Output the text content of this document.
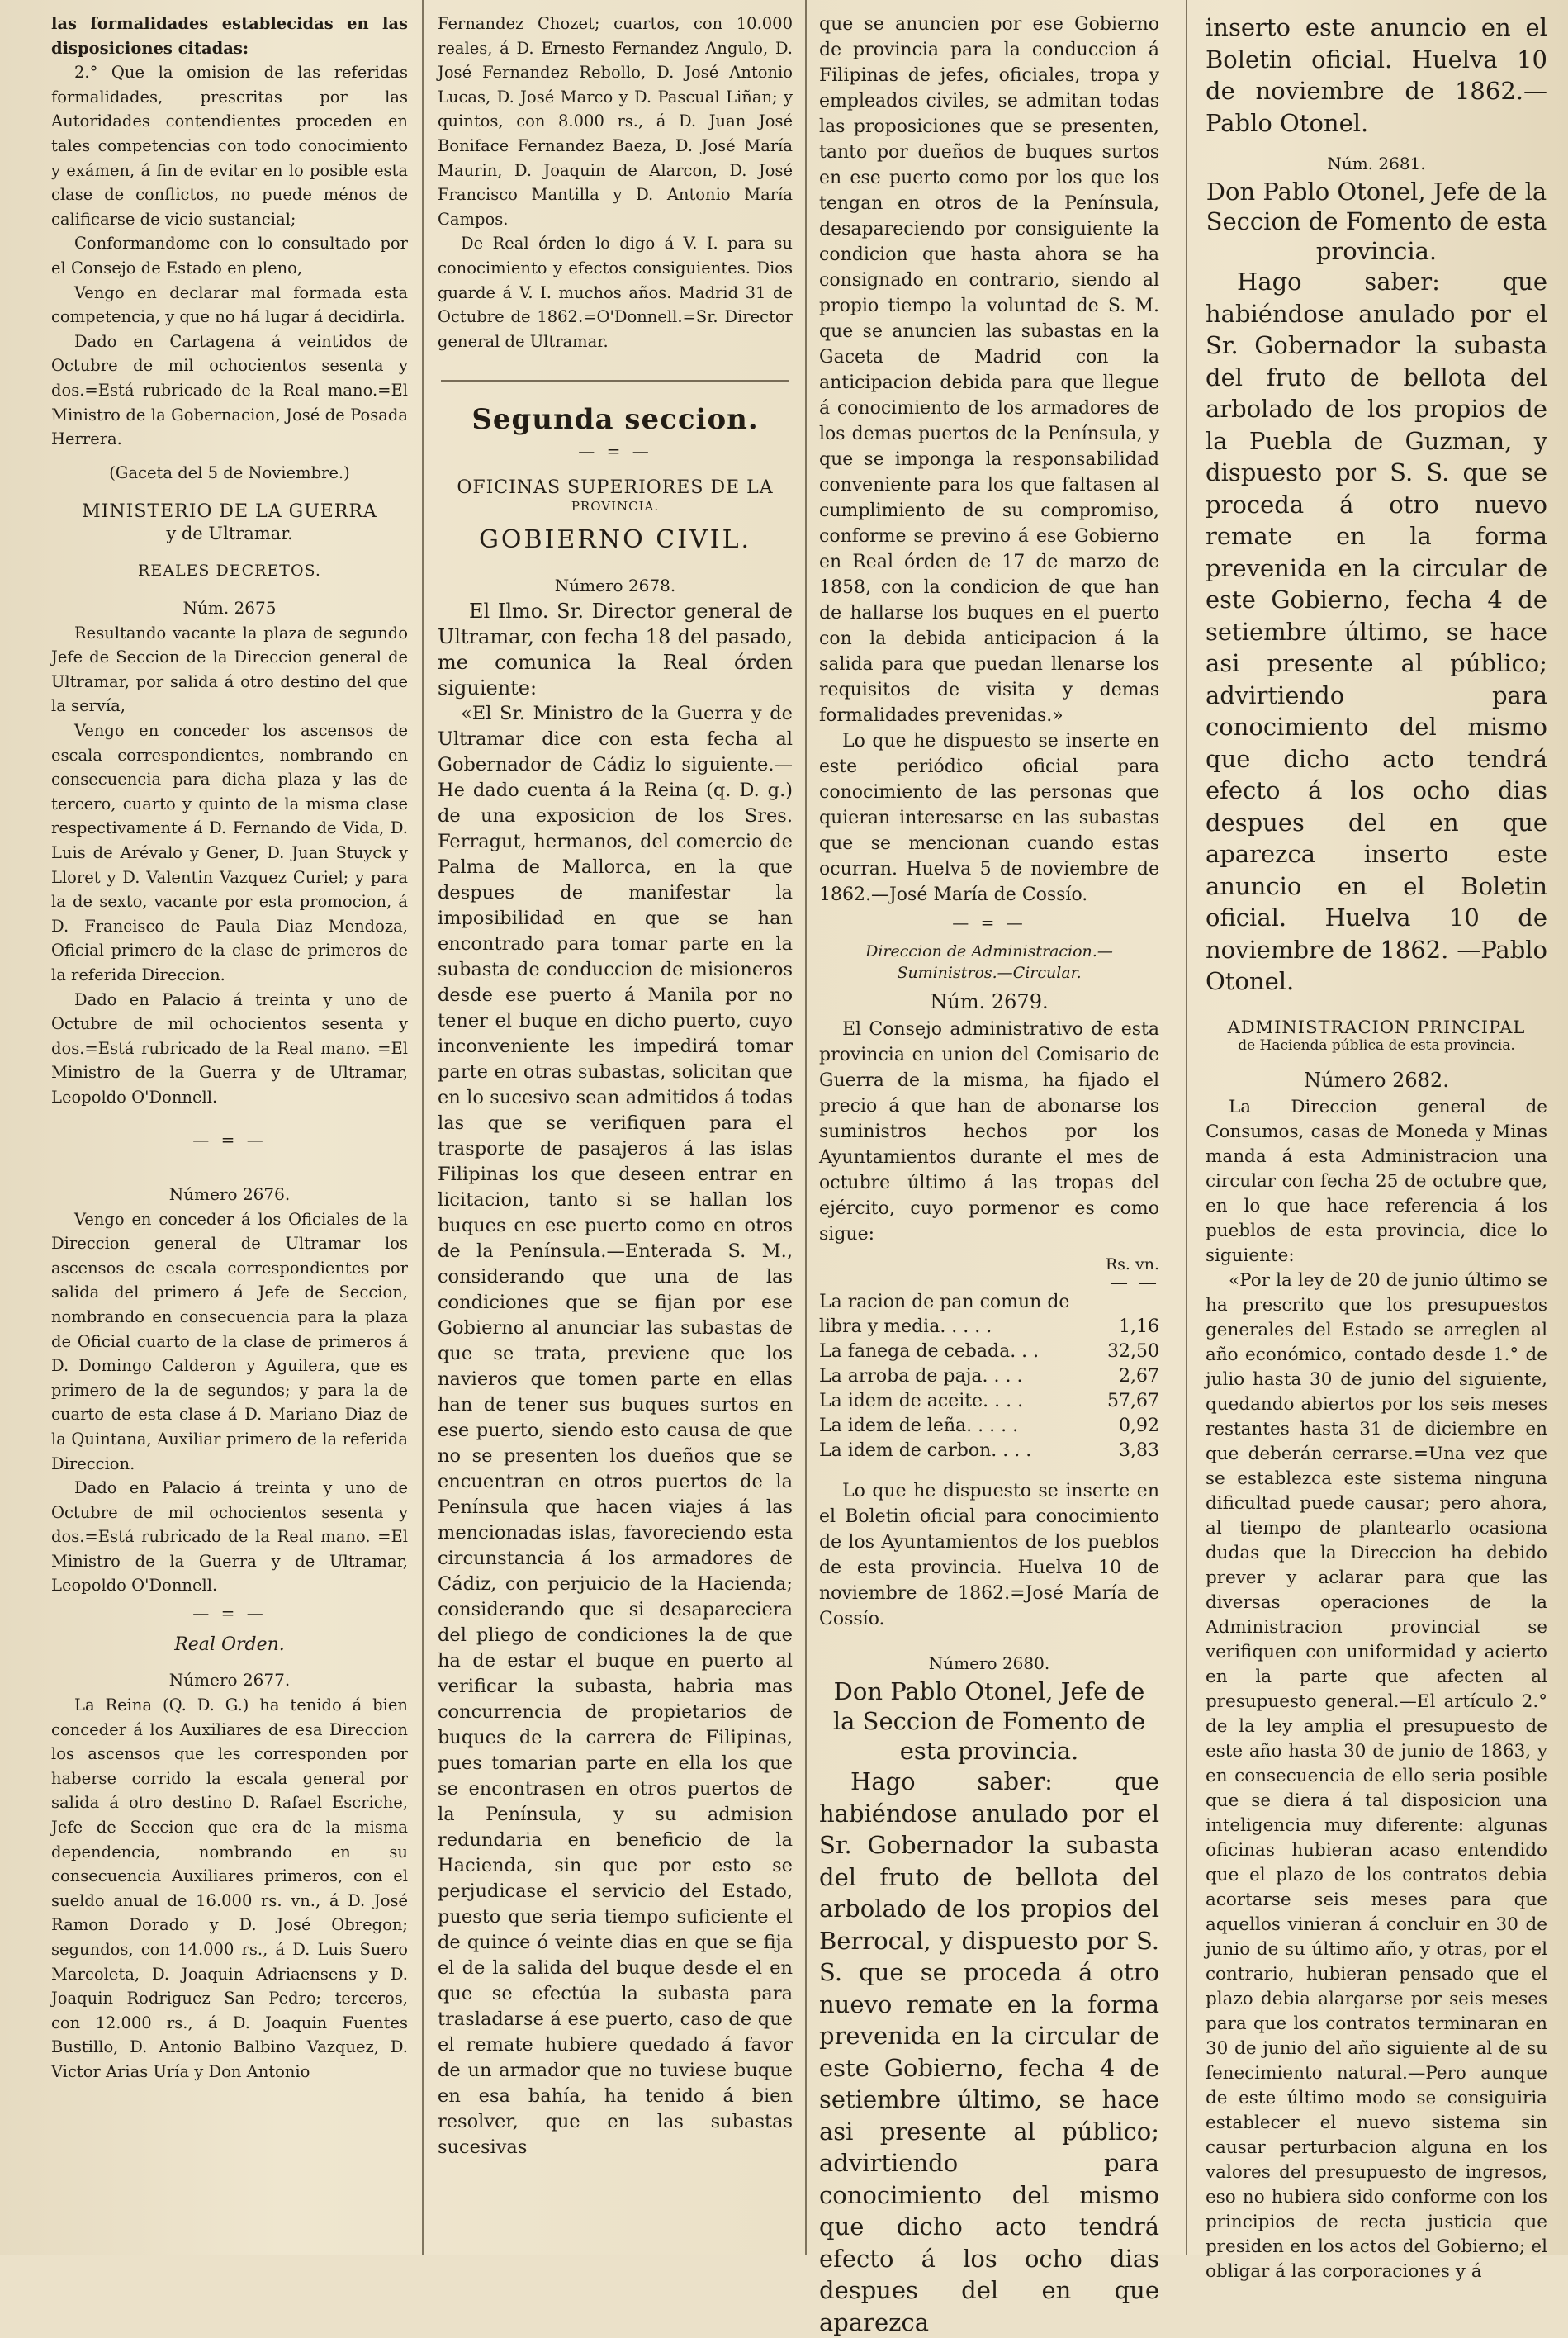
las formalidades establecidas en las disposiciones citadas:

2.° Que la omision de las referidas formalidades, prescritas por las Autoridades contendientes proceden en tales competencias con todo conocimiento y exámen, á fin de evitar en lo posible esta clase de conflictos, no puede ménos de calificarse de vicio sustancial;

Conformandome con lo consultado por el Consejo de Estado en pleno,

Vengo en declarar mal formada esta competencia, y que no há lugar á decidirla.

Dado en Cartagena á veintidos de Octubre de mil ochocientos sesenta y dos.=Está rubricado de la Real mano.=El Ministro de la Gobernacion, José de Posada Herrera.

(Gaceta del 5 de Noviembre.)
MINISTERIO DE LA GUERRA
y de Ultramar.
REALES DECRETOS.
Núm. 2675

Resultando vacante la plaza de segundo Jefe de Seccion de la Direccion general de Ultramar, por salida á otro destino del que la servía,

Vengo en conceder los ascensos de escala correspondientes, nombrando en consecuencia para dicha plaza y las de tercero, cuarto y quinto de la misma clase respectivamente á D. Fernando de Vida, D. Luis de Arévalo y Gener, D. Juan Stuyck y Lloret y D. Valentin Vazquez Curiel; y para la de sexto, vacante por esta promocion, á D. Francisco de Paula Diaz Mendoza, Oficial primero de la clase de primeros de la referida Direccion.

Dado en Palacio á treinta y uno de Octubre de mil ochocientos sesenta y dos.=Está rubricado de la Real mano. =El Ministro de la Guerra y de Ultramar, Leopoldo O'Donnell.

— = —
Número 2676.

Vengo en conceder á los Oficiales de la Direccion general de Ultramar los ascensos de escala correspondientes por salida del primero á Jefe de Seccion, nombrando en consecuencia para la plaza de Oficial cuarto de la clase de primeros á D. Domingo Calderon y Aguilera, que es primero de la de segundos; y para la de cuarto de esta clase á D. Mariano Diaz de la Quintana, Auxiliar primero de la referida Direccion.

Dado en Palacio á treinta y uno de Octubre de mil ochocientos sesenta y dos.=Está rubricado de la Real mano. =El Ministro de la Guerra y de Ultramar, Leopoldo O'Donnell.

— = —
Real Orden.
Número 2677.

La Reina (Q. D. G.) ha tenido á bien conceder á los Auxiliares de esa Direccion los ascensos que les corresponden por haberse corrido la escala general por salida á otro destino D. Rafael Escriche, Jefe de Seccion que era de la misma dependencia, nombrando en su consecuencia Auxiliares primeros, con el sueldo anual de 16.000 rs. vn., á D. José Ramon Dorado y D. José Obregon; segundos, con 14.000 rs., á D. Luis Suero Marcoleta, D. Joaquin Adriaensens y D. Joaquin Rodriguez San Pedro; terceros, con 12.000 rs., á D. Joaquin Fuentes Bustillo, D. Antonio Balbino Vazquez, D. Victor Arias Uría y Don Antonio

Fernandez Chozet; cuartos, con 10.000 reales, á D. Ernesto Fernandez Angulo, D. José Fernandez Rebollo, D. José Antonio Lucas, D. José Marco y D. Pascual Liñan; y quintos, con 8.000 rs., á D. Juan José Boniface Fernandez Baeza, D. José María Maurin, D. Joaquin de Alarcon, D. José Francisco Mantilla y D. Antonio María Campos.

De Real órden lo digo á V. I. para su conocimiento y efectos consiguientes. Dios guarde á V. I. muchos años. Madrid 31 de Octubre de 1862.=O'Donnell.=Sr. Director general de Ultramar.

Segunda seccion.
— = —
OFICINAS SUPERIORES DE LA
PROVINCIA.
GOBIERNO CIVIL.
Número 2678.

El Ilmo. Sr. Director general de Ultramar, con fecha 18 del pasado, me comunica la Real órden siguiente:

«El Sr. Ministro de la Guerra y de Ultramar dice con esta fecha al Gobernador de Cádiz lo siguiente.—He dado cuenta á la Reina (q. D. g.) de una exposicion de los Sres. Ferragut, hermanos, del comercio de Palma de Mallorca, en la que despues de manifestar la imposibilidad en que se han encontrado para tomar parte en la subasta de conduccion de misioneros desde ese puerto á Manila por no tener el buque en dicho puerto, cuyo inconveniente les impedirá tomar parte en otras subastas, solicitan que en lo sucesivo sean admitidos á todas las que se verifiquen para el trasporte de pasajeros á las islas Filipinas los que deseen entrar en licitacion, tanto si se hallan los buques en ese puerto como en otros de la Península.—Enterada S. M., considerando que una de las condiciones que se fijan por ese Gobierno al anunciar las subastas de que se trata, previene que los navieros que tomen parte en ellas han de tener sus buques surtos en ese puerto, siendo esto causa de que no se presenten los dueños que se encuentran en otros puertos de la Península que hacen viajes á las mencionadas islas, favoreciendo esta circunstancia á los armadores de Cádiz, con perjuicio de la Hacienda; considerando que si desapareciera del pliego de condiciones la de que ha de estar el buque en puerto al verificar la subasta, habria mas concurrencia de propietarios de buques de la carrera de Filipinas, pues tomarian parte en ella los que se encontrasen en otros puertos de la Península, y su admision redundaria en beneficio de la Hacienda, sin que por esto se perjudicase el servicio del Estado, puesto que seria tiempo suficiente el de quince ó veinte dias en que se fija el de la salida del buque desde el en que se efectúa la subasta para trasladarse á ese puerto, caso de que el remate hubiere quedado á favor de un armador que no tuviese buque en esa bahía, ha tenido á bien resolver, que en las subastas sucesivas

que se anuncien por ese Gobierno de provincia para la conduccion á Filipinas de jefes, oficiales, tropa y empleados civiles, se admitan todas las proposiciones que se presenten, tanto por dueños de buques surtos en ese puerto como por los que los tengan en otros de la Península, desapareciendo por consiguiente la condicion que hasta ahora se ha consignado en contrario, siendo al propio tiempo la voluntad de S. M. que se anuncien las subastas en la Gaceta de Madrid con la anticipacion debida para que llegue á conocimiento de los armadores de los demas puertos de la Península, y que se imponga la responsabilidad conveniente para los que faltasen al cumplimiento de su compromiso, conforme se previno á ese Gobierno en Real órden de 17 de marzo de 1858, con la condicion de que han de hallarse los buques en el puerto con la debida anticipacion á la salida para que puedan llenarse los requisitos de visita y demas formalidades prevenidas.»

Lo que he dispuesto se inserte en este periódico oficial para conocimiento de las personas que quieran interesarse en las subastas que se mencionan cuando estas ocurran. Huelva 5 de noviembre de 1862.—José María de Cossío.

— = —
Direccion de Administracion.—Suministros.—Circular.
Núm. 2679.

El Consejo administrativo de esta provincia en union del Comisario de Guerra de la misma, ha fijado el precio á que han de abonarse los suministros hechos por los Ayuntamientos durante el mes de octubre último á las tropas del ejército, cuyo pormenor es como sigue:

Rs. vn.
— —
La racion de pan comun de
libra y media. . . . .	1,16
La fanega de cebada. . .	32,50
La arroba de paja. . . .	2,67
La idem de aceite. . . .	57,67
La idem de leña. . . . .	0,92
La idem de carbon. . . .	3,83

Lo que he dispuesto se inserte en el Boletin oficial para conocimiento de los Ayuntamientos de los pueblos de esta provincia. Huelva 10 de noviembre de 1862.=José María de Cossío.

Número 2680.
Don Pablo Otonel, Jefe de la Seccion de Fomento de esta provincia.

Hago saber: que habiéndose anulado por el Sr. Gobernador la subasta del fruto de bellota del arbolado de los propios del Berrocal, y dispuesto por S. S. que se proceda á otro nuevo remate en la forma prevenida en la circular de este Gobierno, fecha 4 de setiembre último, se hace asi presente al público; advirtiendo para conocimiento del mismo que dicho acto tendrá efecto á los ocho dias despues del en que aparezca

inserto este anuncio en el Boletin oficial. Huelva 10 de noviembre de 1862.—Pablo Otonel.

Núm. 2681.
Don Pablo Otonel, Jefe de la Seccion de Fomento de esta provincia.

Hago saber: que habiéndose anulado por el Sr. Gobernador la subasta del fruto de bellota del arbolado de los propios de la Puebla de Guzman, y dispuesto por S. S. que se proceda á otro nuevo remate en la forma prevenida en la circular de este Gobierno, fecha 4 de setiembre último, se hace asi presente al público; advirtiendo para conocimiento del mismo que dicho acto tendrá efecto á los ocho dias despues del en que aparezca inserto este anuncio en el Boletin oficial. Huelva 10 de noviembre de 1862. —Pablo Otonel.

ADMINISTRACION PRINCIPAL
de Hacienda pública de esta provincia.
Número 2682.

La Direccion general de Consumos, casas de Moneda y Minas manda á esta Administracion una circular con fecha 25 de octubre que, en lo que hace referencia á los pueblos de esta provincia, dice lo siguiente:

«Por la ley de 20 de junio último se ha prescrito que los presupuestos generales del Estado se arreglen al año económico, contado desde 1.° de julio hasta 30 de junio del siguiente, quedando abiertos por los seis meses restantes hasta 31 de diciembre en que deberán cerrarse.=Una vez que se establezca este sistema ninguna dificultad puede causar; pero ahora, al tiempo de plantearlo ocasiona dudas que la Direccion ha debido prever y aclarar para que las diversas operaciones de la Administracion provincial se verifiquen con uniformidad y acierto en la parte que afecten al presupuesto general.—El artículo 2.° de la ley amplia el presupuesto de este año hasta 30 de junio de 1863, y en consecuencia de ello seria posible que se diera á tal disposicion una inteligencia muy diferente: algunas oficinas hubieran acaso entendido que el plazo de los contratos debia acortarse seis meses para que aquellos vinieran á concluir en 30 de junio de su último año, y otras, por el contrario, hubieran pensado que el plazo debia alargarse por seis meses para que los contratos terminaran en 30 de junio del año siguiente al de su fenecimiento natural.—Pero aunque de este último modo se consiguiria establecer el nuevo sistema sin causar perturbacion alguna en los valores del presupuesto de ingresos, eso no hubiera sido conforme con los principios de recta justicia que presiden en los actos del Gobierno; el obligar á las corporaciones y á
